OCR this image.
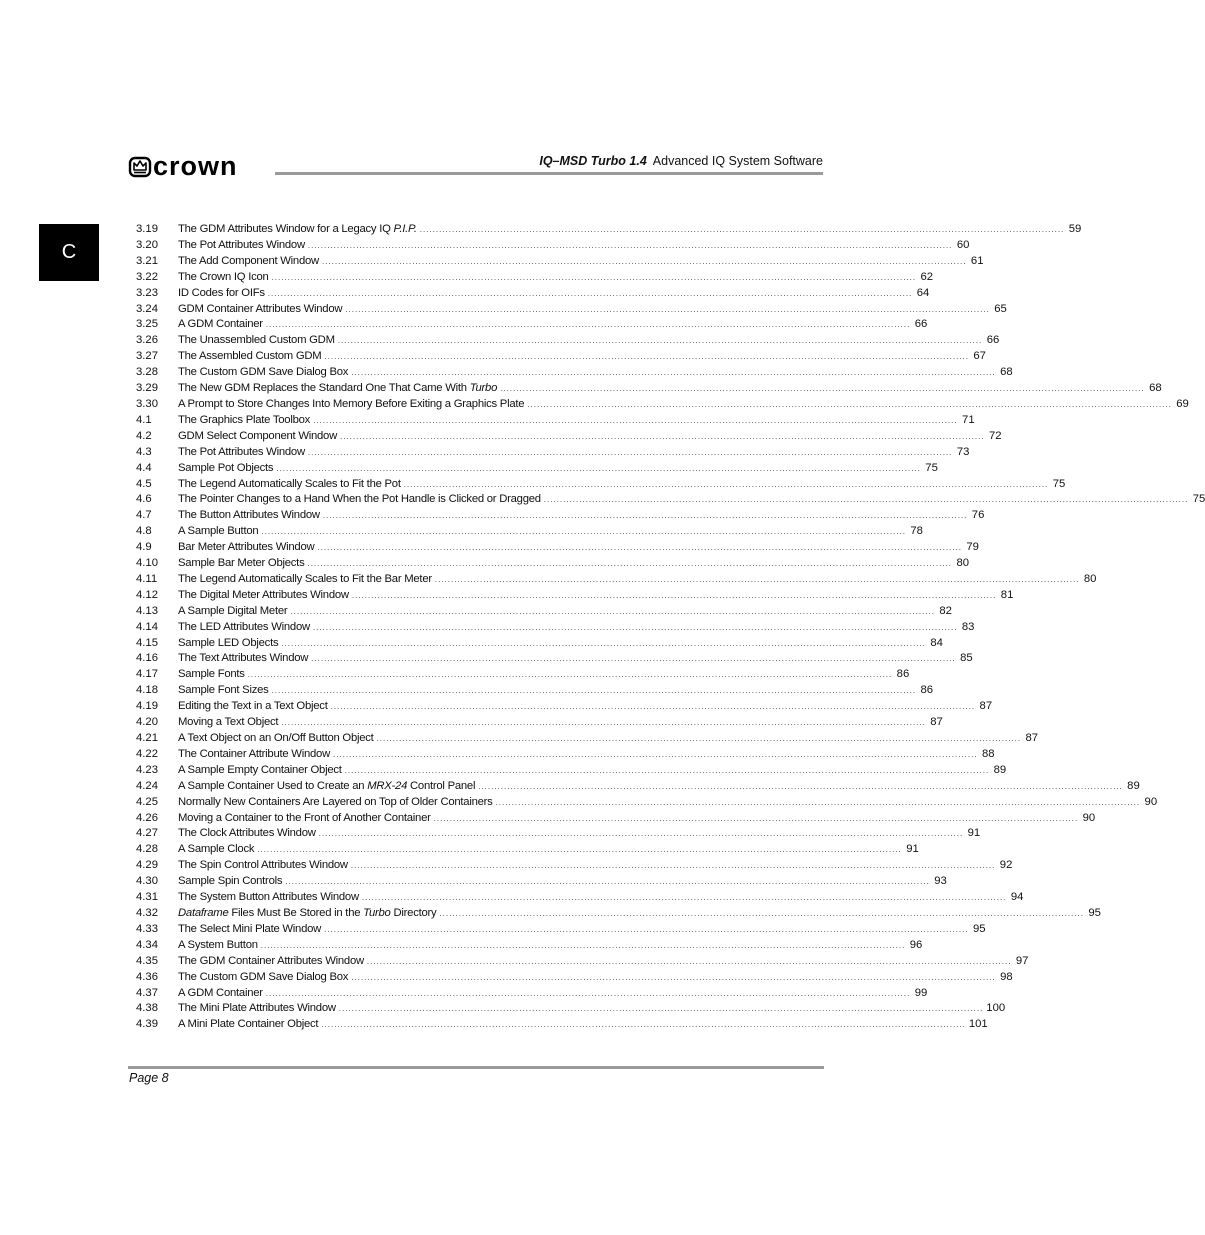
crown	IQ–MSD Turbo 1.4 Advanced IQ System Software
C
3.19	The GDM Attributes Window for a Legacy IQ P.I.P. ........................................................................................................................................................................................................ 59
3.20	The Pot Attributes Window ........................................................................................................................................................................................................ 60
3.21	The Add Component Window ........................................................................................................................................................................................................ 61
3.22	The Crown IQ Icon ........................................................................................................................................................................................................ 62
3.23	ID Codes for OIFs ........................................................................................................................................................................................................ 64
3.24	GDM Container Attributes Window ........................................................................................................................................................................................................ 65
3.25	A GDM Container ........................................................................................................................................................................................................ 66
3.26	The Unassembled Custom GDM ........................................................................................................................................................................................................ 66
3.27	The Assembled Custom GDM ........................................................................................................................................................................................................ 67
3.28	The Custom GDM Save Dialog Box ........................................................................................................................................................................................................ 68
3.29	The New GDM Replaces the Standard One That Came With Turbo ........................................................................................................................................................................................................ 68
3.30	A Prompt to Store Changes Into Memory Before Exiting a Graphics Plate ........................................................................................................................................................................................................ 69
4.1	The Graphics Plate Toolbox ........................................................................................................................................................................................................ 71
4.2	GDM Select Component Window ........................................................................................................................................................................................................ 72
4.3	The Pot Attributes Window ........................................................................................................................................................................................................ 73
4.4	Sample Pot Objects ........................................................................................................................................................................................................ 75
4.5	The Legend Automatically Scales to Fit the Pot ........................................................................................................................................................................................................ 75
4.6	The Pointer Changes to a Hand When the Pot Handle is Clicked or Dragged ........................................................................................................................................................................................................ 75
4.7	The Button Attributes Window ........................................................................................................................................................................................................ 76
4.8	A Sample Button ........................................................................................................................................................................................................ 78
4.9	Bar Meter Attributes Window ........................................................................................................................................................................................................ 79
4.10	Sample Bar Meter Objects ........................................................................................................................................................................................................ 80
4.11	The Legend Automatically Scales to Fit the Bar Meter ........................................................................................................................................................................................................ 80
4.12	The Digital Meter Attributes Window ........................................................................................................................................................................................................ 81
4.13	A Sample Digital Meter ........................................................................................................................................................................................................ 82
4.14	The LED Attributes Window ........................................................................................................................................................................................................ 83
4.15	Sample LED Objects ........................................................................................................................................................................................................ 84
4.16	The Text Attributes Window ........................................................................................................................................................................................................ 85
4.17	Sample Fonts ........................................................................................................................................................................................................ 86
4.18	Sample Font Sizes ........................................................................................................................................................................................................ 86
4.19	Editing the Text in a Text Object ........................................................................................................................................................................................................ 87
4.20	Moving a Text Object ........................................................................................................................................................................................................ 87
4.21	A Text Object on an On/Off Button Object ........................................................................................................................................................................................................ 87
4.22	The Container Attribute Window ........................................................................................................................................................................................................ 88
4.23	A Sample Empty Container Object ........................................................................................................................................................................................................ 89
4.24	A Sample Container Used to Create an MRX-24 Control Panel ........................................................................................................................................................................................................ 89
4.25	Normally New Containers Are Layered on Top of Older Containers ........................................................................................................................................................................................................ 90
4.26	Moving a Container to the Front of Another Container ........................................................................................................................................................................................................ 90
4.27	The Clock Attributes Window ........................................................................................................................................................................................................ 91
4.28	A Sample Clock ........................................................................................................................................................................................................ 91
4.29	The Spin Control Attributes Window ........................................................................................................................................................................................................ 92
4.30	Sample Spin Controls ........................................................................................................................................................................................................ 93
4.31	The System Button Attributes Window ........................................................................................................................................................................................................ 94
4.32	Dataframe Files Must Be Stored in the Turbo Directory ........................................................................................................................................................................................................ 95
4.33	The Select Mini Plate Window ........................................................................................................................................................................................................ 95
4.34	A System Button ........................................................................................................................................................................................................ 96
4.35	The GDM Container Attributes Window ........................................................................................................................................................................................................ 97
4.36	The Custom GDM Save Dialog Box ........................................................................................................................................................................................................ 98
4.37	A GDM Container ........................................................................................................................................................................................................ 99
4.38	The Mini Plate Attributes Window ........................................................................................................................................................................................................ 100
4.39	A Mini Plate Container Object ........................................................................................................................................................................................................ 101
Page 8
